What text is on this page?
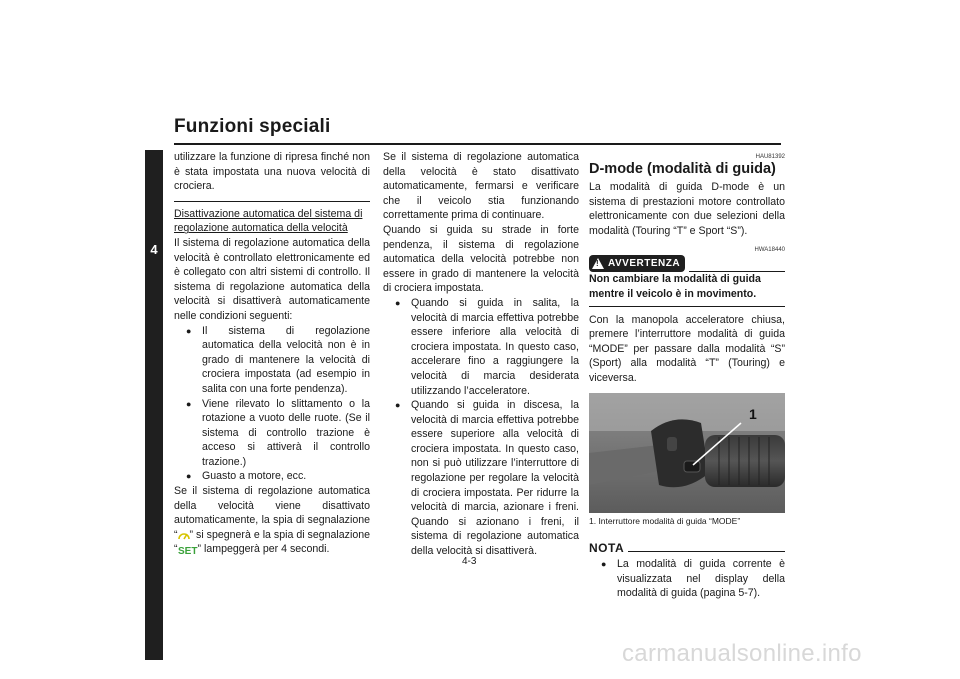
Funzioni speciali
4

utilizzare la funzione di ripresa finché non è stata impostata una nuova velocità di crociera.

Disattivazione automatica del sistema di regolazione automatica della velocità

Il sistema di regolazione automatica della velocità è controllato elettronicamente ed è collegato con altri sistemi di controllo. Il sistema di regolazione automatica della velocità si disattiverà automaticamente nelle condizioni seguenti:

● Il sistema di regolazione automatica della velocità non è in grado di mantenere la velocità di crociera impostata (ad esempio in salita con una forte pendenza).
● Viene rilevato lo slittamento o la rotazione a vuoto delle ruote. (Se il sistema di controllo trazione è acceso si attiverà il controllo trazione.)
● Guasto a motore, ecc.

Se il sistema di regolazione automatica della velocità viene disattivato automaticamente, la spia di segnalazione “ ” si spegnerà e la spia di segnalazione “ SET ” lampeggerà per 4 secondi.

Se il sistema di regolazione automatica della velocità è stato disattivato automaticamente, fermarsi e verificare che il veicolo stia funzionando correttamente prima di continuare.

Quando si guida su strade in forte pendenza, il sistema di regolazione automatica della velocità potrebbe non essere in grado di mantenere la velocità di crociera impostata.

● Quando si guida in salita, la velocità di marcia effettiva potrebbe essere inferiore alla velocità di crociera impostata. In questo caso, accelerare fino a raggiungere la velocità di marcia desiderata utilizzando l’acceleratore.
● Quando si guida in discesa, la velocità di marcia effettiva potrebbe essere superiore alla velocità di crociera impostata. In questo caso, non si può utilizzare l’interruttore di regolazione per regolare la velocità di crociera impostata. Per ridurre la velocità di marcia, azionare i freni. Quando si azionano i freni, il sistema di regolazione automatica della velocità si disattiverà.
HAU81392
D-mode (modalità di guida)

La modalità di guida D-mode è un sistema di prestazioni motore controllato elettronicamente con due selezioni della modalità (Touring “T” e Sport “S”).

HWA18440
! AVVERTENZA

Non cambiare la modalità di guida mentre il veicolo è in movimento.

Con la manopola acceleratore chiusa, premere l’interruttore modalità di guida “MODE” per passare dalla modalità “S” (Sport) alla modalità “T” (Touring) e viceversa.

1
1. Interruttore modalità di guida “MODE”
NOTA
● La modalità di guida corrente è visualizzata nel display della modalità di guida (pagina 5-7).
4-3
carmanualsonline.info
